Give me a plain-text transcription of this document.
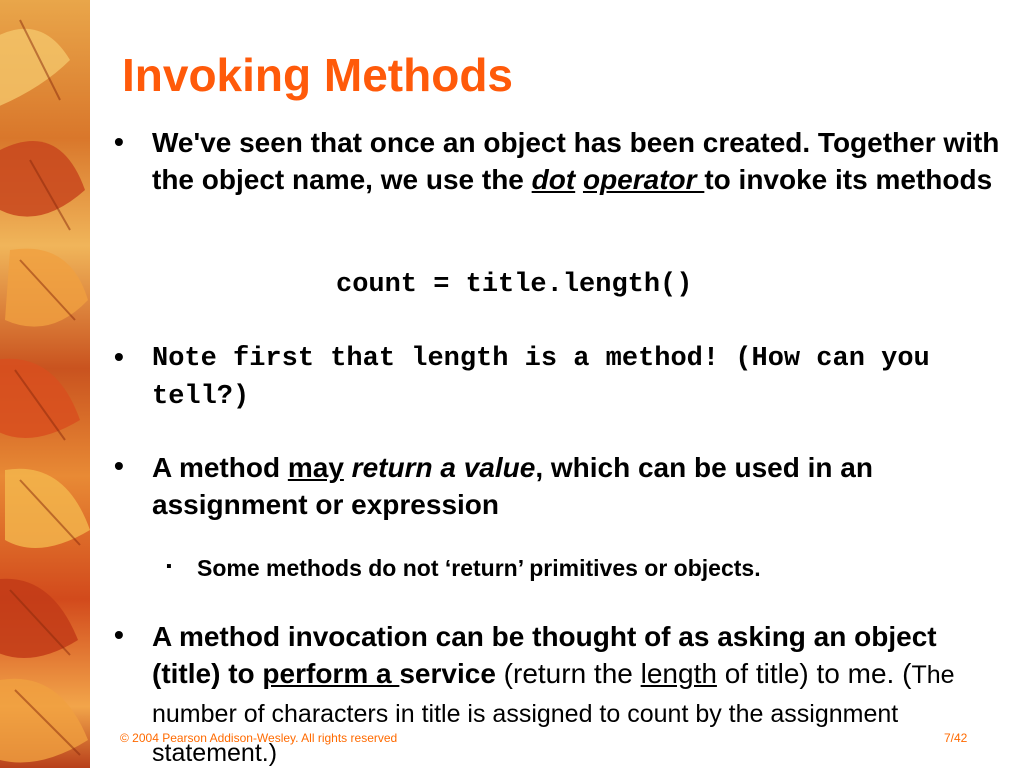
Invoking Methods
• We've seen that once an object has been created. Together with the object name, we use the dot operator to invoke its methods
count = title.length()
• Note first that length is a method! (How can you tell?)
• A method may return a value, which can be used in an assignment or expression
▪ Some methods do not ‘return’ primitives or objects.
• A method invocation can be thought of as asking an object (title) to perform a service (return the length of title) to me. (The number of characters in title is assigned to count by the assignment statement.)
© 2004 Pearson Addison-Wesley. All rights reserved	7/42
